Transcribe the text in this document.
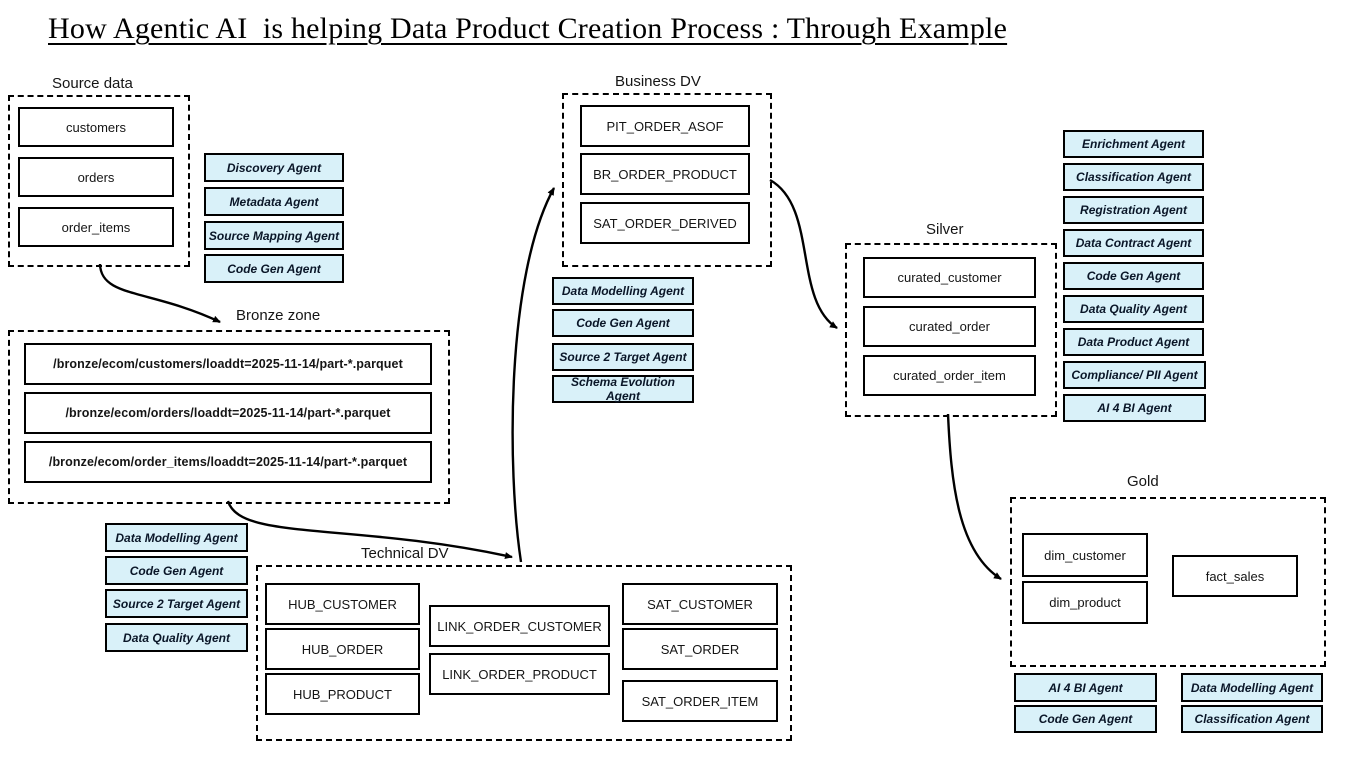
How Agentic AI  is helping Data Product Creation Process : Through Example
Source data
customers
orders
order_items
Discovery Agent
Metadata Agent
Source Mapping Agent
Code Gen Agent
Bronze zone
/bronze/ecom/customers/loaddt=2025-11-14/part-*.parquet
/bronze/ecom/orders/loaddt=2025-11-14/part-*.parquet
/bronze/ecom/order_items/loaddt=2025-11-14/part-*.parquet
Data Modelling Agent
Code Gen Agent
Source 2 Target Agent
Data Quality Agent
Business DV
PIT_ORDER_ASOF
BR_ORDER_PRODUCT
SAT_ORDER_DERIVED
Data Modelling Agent
Code Gen Agent
Source 2 Target Agent
Schema Evolution Agent
Technical DV
HUB_CUSTOMER
HUB_ORDER
HUB_PRODUCT
LINK_ORDER_CUSTOMER
LINK_ORDER_PRODUCT
SAT_CUSTOMER
SAT_ORDER
SAT_ORDER_ITEM
Silver
curated_customer
curated_order
curated_order_item
Enrichment Agent
Classification Agent
Registration Agent
Data Contract Agent
Code Gen Agent
Data Quality Agent
Data Product Agent
Compliance/ PII Agent
AI 4 BI Agent
Gold
dim_customer
dim_product
fact_sales
AI 4 BI Agent
Code Gen Agent
Data Modelling Agent
Classification Agent
